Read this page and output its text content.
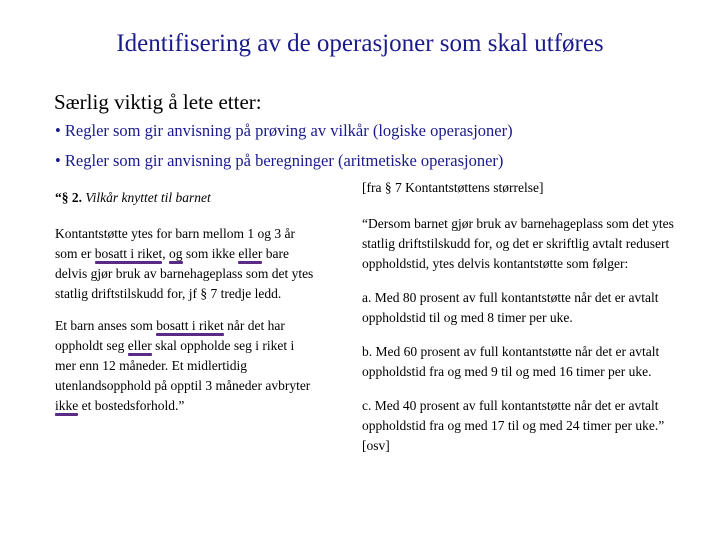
Identifisering av de operasjoner som skal utføres
Særlig viktig å lete etter:
• Regler som gir anvisning på prøving av vilkår (logiske operasjoner)
• Regler som gir anvisning på beregninger (aritmetiske operasjoner)
“§ 2. Vilkår knyttet til barnet

Kontantstøtte ytes for barn mellom 1 og 3 år som er bosatt i riket, og som ikke eller bare delvis gjør bruk av barnehageplass som det ytes statlig driftstilskudd for, jf § 7 tredje ledd.

Et barn anses som bosatt i riket når det har oppholdt seg eller skal oppholde seg i riket i mer enn 12 måneder. Et midlertidig utenlandsopphold på opptil 3 måneder avbryter ikke et bostedsforhold.”

[fra § 7 Kontantstøttens størrelse]

“Dersom barnet gjør bruk av barnehageplass som det ytes statlig driftstilskudd for, og det er skriftlig avtalt redusert oppholdstid, ytes delvis kontantstøtte som følger:

a. Med 80 prosent av full kontantstøtte når det er avtalt oppholdstid til og med 8 timer per uke.

b. Med 60 prosent av full kontantstøtte når det er avtalt oppholdstid fra og med 9 til og med 16 timer per uke.

c. Med 40 prosent av full kontantstøtte når det er avtalt oppholdstid fra og med 17 til og med 24 timer per uke.” [osv]
